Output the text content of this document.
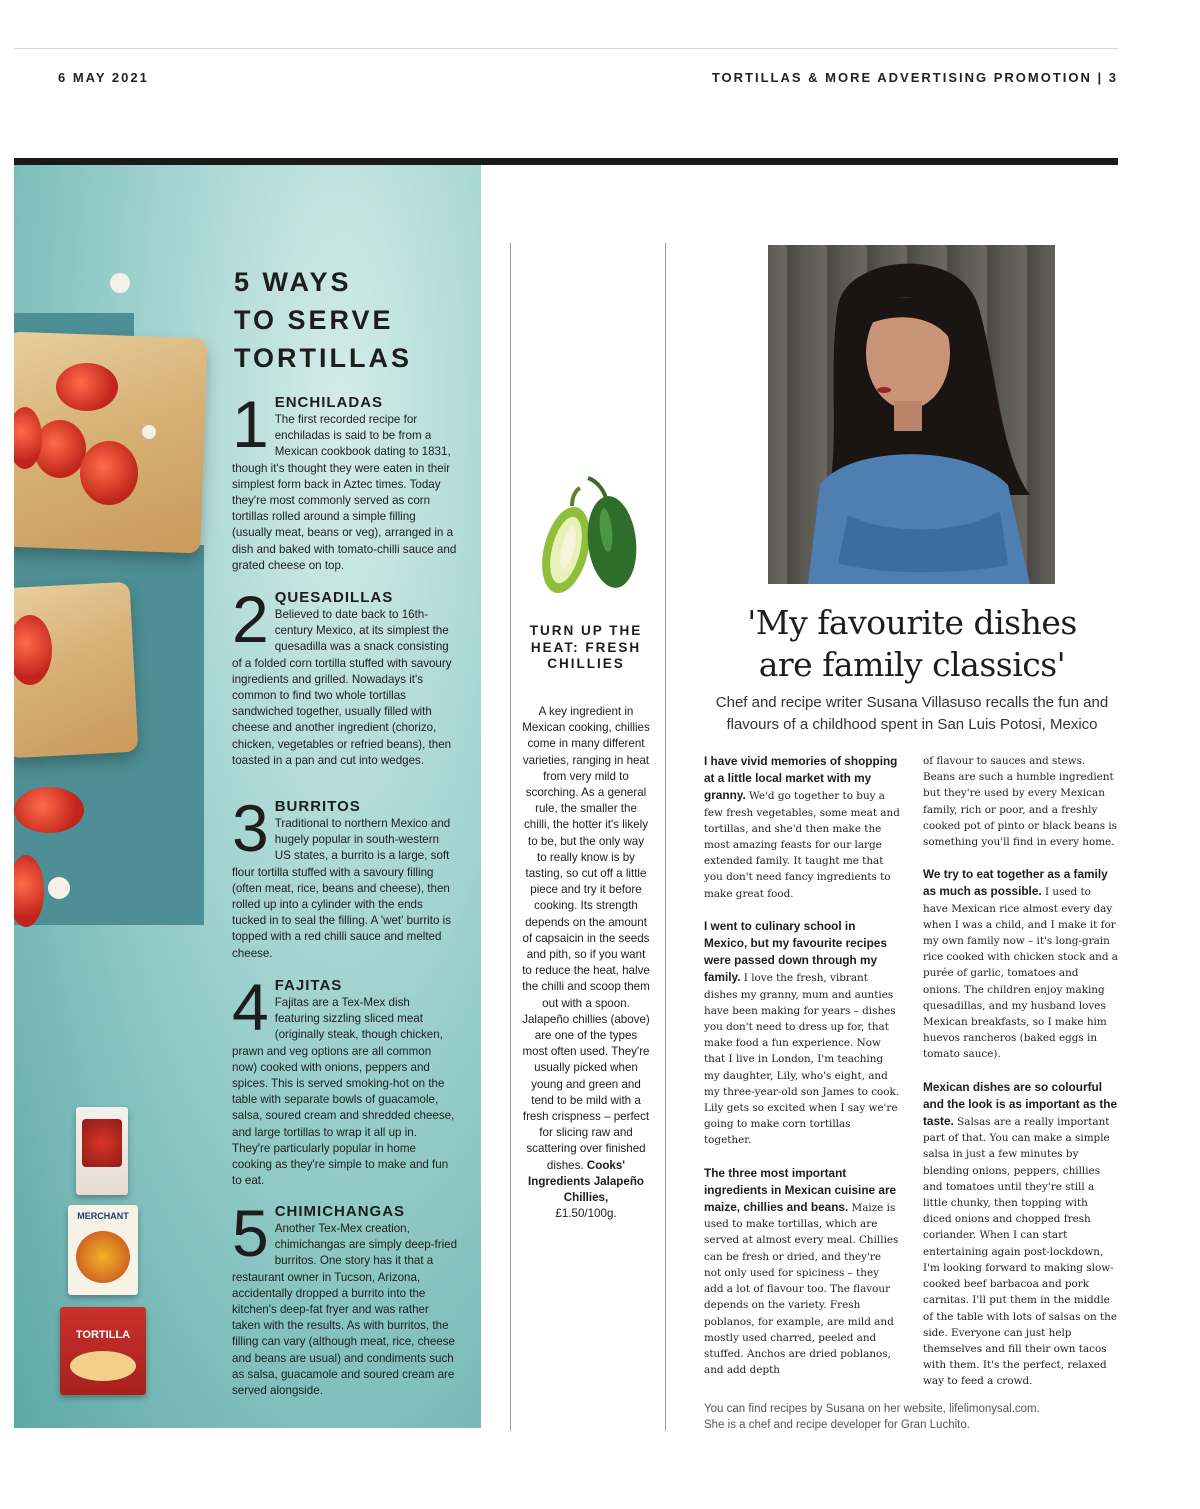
6 MAY 2021	TORTILLAS & MORE ADVERTISING PROMOTION | 3
MERCHANT
TORTILLA
5 WAYS
TO SERVE
TORTILLAS
1 ENCHILADAS
The first recorded recipe for enchiladas is said to be from a Mexican cookbook dating to 1831, though it's thought they were eaten in their simplest form back in Aztec times. Today they're most commonly served as corn tortillas rolled around a simple filling (usually meat, beans or veg), arranged in a dish and baked with tomato-chilli sauce and grated cheese on top.
2 QUESADILLAS
Believed to date back to 16th-century Mexico, at its simplest the quesadilla was a snack consisting of a folded corn tortilla stuffed with savoury ingredients and grilled. Nowadays it's common to find two whole tortillas sandwiched together, usually filled with cheese and another ingredient (chorizo, chicken, vegetables or refried beans), then toasted in a pan and cut into wedges.
3 BURRITOS
Traditional to northern Mexico and hugely popular in south-western US states, a burrito is a large, soft flour tortilla stuffed with a savoury filling (often meat, rice, beans and cheese), then rolled up into a cylinder with the ends tucked in to seal the filling. A 'wet' burrito is topped with a red chilli sauce and melted cheese.
4 FAJITAS
Fajitas are a Tex-Mex dish featuring sizzling sliced meat (originally steak, though chicken, prawn and veg options are all common now) cooked with onions, peppers and spices. This is served smoking-hot on the table with separate bowls of guacamole, salsa, soured cream and shredded cheese, and large tortillas to wrap it all up in. They're particularly popular in home cooking as they're simple to make and fun to eat.
5 CHIMICHANGAS
Another Tex-Mex creation, chimichangas are simply deep-fried burritos. One story has it that a restaurant owner in Tucson, Arizona, accidentally dropped a burrito into the kitchen's deep-fat fryer and was rather taken with the results. As with burritos, the filling can vary (although meat, rice, cheese and beans are usual) and condiments such as salsa, guacamole and soured cream are served alongside.
TURN UP THE HEAT: FRESH CHILLIES
A key ingredient in Mexican cooking, chillies come in many different varieties, ranging in heat from very mild to scorching. As a general rule, the smaller the chilli, the hotter it's likely to be, but the only way to really know is by tasting, so cut off a little piece and try it before cooking. Its strength depends on the amount of capsaicin in the seeds and pith, so if you want to reduce the heat, halve the chilli and scoop them out with a spoon. Jalapeño chillies (above) are one of the types most often used. They're usually picked when young and green and tend to be mild with a fresh crispness – perfect for slicing raw and scattering over finished dishes. Cooks' Ingredients Jalapeño Chillies,
£1.50/100g.
'My favourite dishes
are family classics'
Chef and recipe writer Susana Villasuso recalls the fun and flavours of a childhood spent in San Luis Potosi, Mexico

I have vivid memories of shopping at a little local market with my granny. We'd go together to buy a few fresh vegetables, some meat and tortillas, and she'd then make the most amazing feasts for our large extended family. It taught me that you don't need fancy ingredients to make great food.

I went to culinary school in Mexico, but my favourite recipes were passed down through my family. I love the fresh, vibrant dishes my granny, mum and aunties have been making for years – dishes you don't need to dress up for, that make food a fun experience. Now that I live in London, I'm teaching my daughter, Lily, who's eight, and my three-year-old son James to cook. Lily gets so excited when I say we're going to make corn tortillas together.

The three most important ingredients in Mexican cuisine are maize, chillies and beans. Maize is used to make tortillas, which are served at almost every meal. Chillies can be fresh or dried, and they're not only used for spiciness – they add a lot of flavour too. The flavour depends on the variety. Fresh poblanos, for example, are mild and mostly used charred, peeled and stuffed. Anchos are dried poblanos, and add depth

of flavour to sauces and stews. Beans are such a humble ingredient but they're used by every Mexican family, rich or poor, and a freshly cooked pot of pinto or black beans is something you'll find in every home.

We try to eat together as a family as much as possible. I used to have Mexican rice almost every day when I was a child, and I make it for my own family now – it's long-grain rice cooked with chicken stock and a purée of garlic, tomatoes and onions. The children enjoy making quesadillas, and my husband loves Mexican breakfasts, so I make him huevos rancheros (baked eggs in tomato sauce).

Mexican dishes are so colourful and the look is as important as the taste. Salsas are a really important part of that. You can make a simple salsa in just a few minutes by blending onions, peppers, chillies and tomatoes until they're still a little chunky, then topping with diced onions and chopped fresh coriander. When I can start entertaining again post-lockdown, I'm looking forward to making slow-cooked beef barbacoa and pork carnitas. I'll put them in the middle of the table with lots of salsas on the side. Everyone can just help themselves and fill their own tacos with them. It's the perfect, relaxed way to feed a crowd.

You can find recipes by Susana on her website, lifelimonysal.com.
She is a chef and recipe developer for Gran Luchito.
